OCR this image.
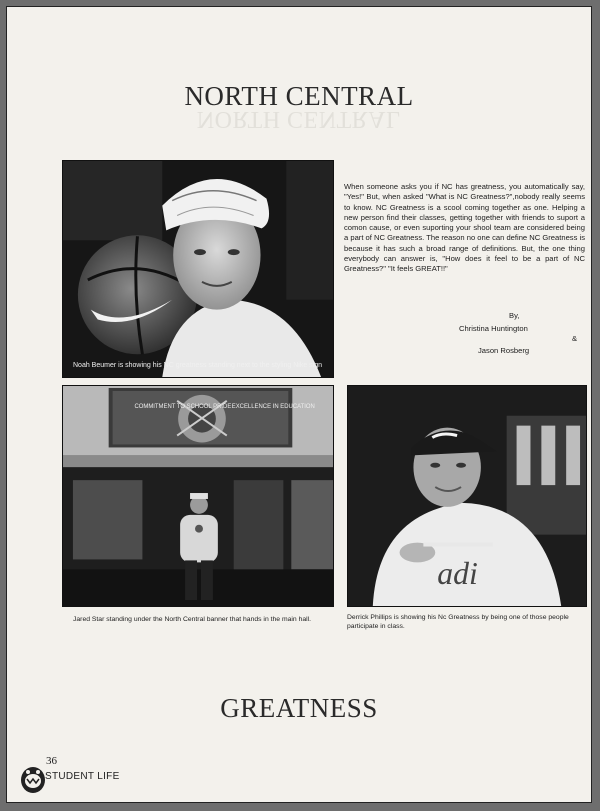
NORTH CENTRAL
NORTH CENTRAL
Noah Beumer is showing his NC greatness standing next to the styling Nike sign
When someone asks you if NC has greatness, you automatically say, "Yes!" But, when asked "What is NC Greatness?",nobody really seems to know. NC Greatness is a scool coming together as one. Helping a new person find their classes, getting together with friends to suport a comon cause, or even suporting your shool team are considered being a part of NC Greatness. The reason no one can define NC Greatness is because it has such a broad range of definitions. But, the one thing everybody can answer is, "How does it feel to be a part of NC Greatness?" "It feels GREAT!!"
By,
Christina Huntington
&
Jason Rosberg
COMMITMENT TO SCHOOL PRIDE EXCELLENCE IN EDUCATION
adi
Jared Star standing under the North Central banner that hands in the main hall.	Derrick Phillips is showing his Nc Greatness by being one of those people participate in class.
GREATNESS
36
STUDENT LIFE
